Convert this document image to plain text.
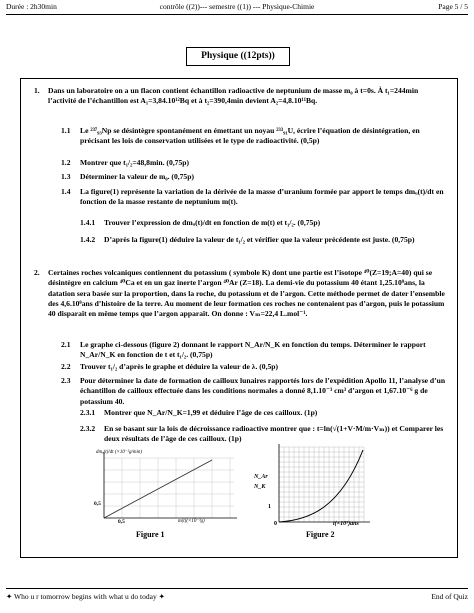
Durée : 2h30min	contrôle ((2))--- semestre ((1)) --- Physique-Chimie	Page 5 / 5
Physique ((12pts))
1. Dans un laboratoire on a un flacon contient échantillon radioactive de neptunium de masse m₀ à t=0s. À t₁=244min l’activité de l’échantillon est A₁=3,84.10¹²Bq et à t₂=390,4min devient A₂=4,8.10¹¹Bq.

1.1 Le ²³⁷₉₃Np se désintègre spontanément en émettant un noyau ²³³₉₁U, écrire l’équation de désintégration, en précisant les lois de conservation utilisées et le type de radioactivité. (0,5p)

1.2 Montrer que t₁/₂=48,8min. (0,75p)

1.3 Déterminer la valeur de m₀. (0,75p)

1.4 La figure(1) représente la variation de la dérivée de la masse d’uranium formée par apport le temps dmᵤ(t)/dt en fonction de la masse restante de neptunium m(t).

1.4.1 Trouver l’expression de dmᵤ(t)/dt en fonction de m(t) et t₁/₂. (0,75p)

1.4.2 D’après la figure(1) déduire la valeur de t₁/₂ et vérifier que la valeur précédente est juste. (0,75p)

2. Certaines roches volcaniques contiennent du potassium ( symbole K) dont une partie est l’isotope ⁴⁰(Z=19;A=40) qui se désintègre en calcium ⁴⁰Ca et en un gaz inerte l’argon ⁴⁰Ar (Z=18). La demi-vie du potassium 40 étant 1,25.10⁹ans, la datation sera basée sur la proportion, dans la roche, du potassium et de l’argon. Cette méthode permet de dater l’ensemble des 4,6.10⁹ans d’histoire de la terre. Au moment de leur formation ces roches ne contenaient pas d’argon, puis le potassium 40 disparaît en même temps que l’argon apparaît. On donne : Vₘ=22,4 L.mol⁻¹.

2.1 Le graphe ci-dessous (figure 2) donnant le rapport N_Ar/N_K en fonction du temps. Déterminer le rapport N_Ar/N_K en fonction de t et t₁/₂. (0,75p)

2.2 Trouver t₁/₂ d’après le graphe et déduire la valeur de λ. (0,5p)

2.3 Pour déterminer la date de formation de cailloux lunaires rapportés lors de l’expédition Apollo 11, l’analyse d’un échantillon de cailloux effectuée dans les conditions normales a donné 8,1.10⁻³ cm³ d’argon et 1,67.10⁻⁶ g de potassium 40.

2.3.1 Montrer que N_Ar/N_K=1,99 et déduire l’âge de ces cailloux. (1p)

2.3.2 En se basant sur la lois de décroissance radioactive montrer que : t=ln(√(1+V·M/m·Vₘ)) et Comparer les deux résultats de l’âge de ces cailloux. (1p)

dmᵤ(t)/dt (×10⁻²g/min)
0,5
0,5	m(t)(×10⁻³g)
Figure 1
N_Ar
N_K
1
0	t(×10⁹)ans
Figure 2
✦ Who u r tomorrow begins with what u do today ✦	End of Quiz
